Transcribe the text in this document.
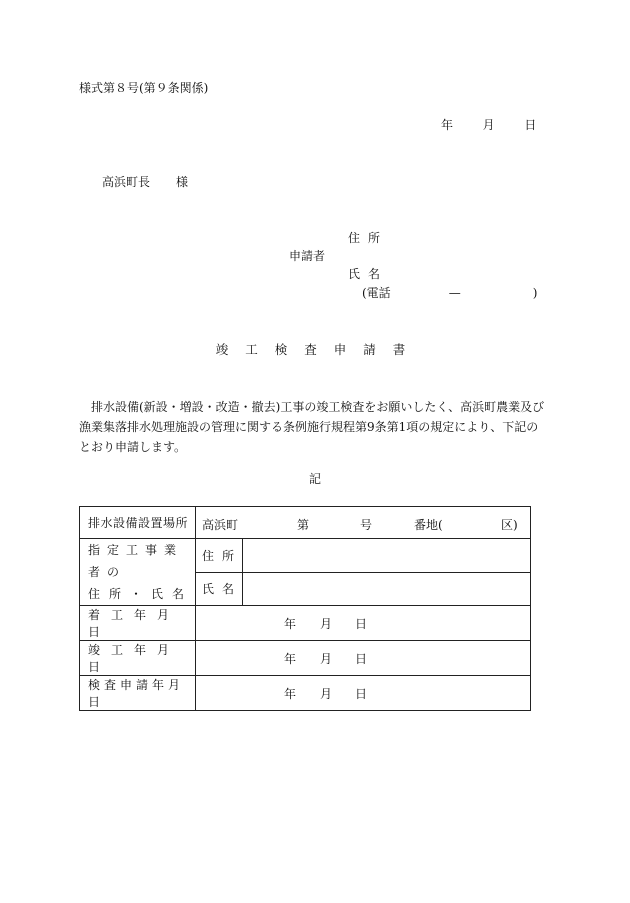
様式第８号(第９条関係)
年 月 日
高浜町長 様
住所
申請者
氏名
(電話	—	)
竣工検査申請書
排水設備(新設・増設・改造・撤去)工事の竣工検査をお願いしたく、高浜町農業及び漁業集落排水処理施設の管理に関する条例施行規程第9条第1項の規定により、下記のとおり申請します。
記
排水設備設置場所	高浜町 第 号 番地( 区)	

指定工事業者の
住所・氏名	住所	
	氏名	
着工年月日	年 月 日	

竣工年月日	年 月 日	

検査申請年月日	年 月 日	
